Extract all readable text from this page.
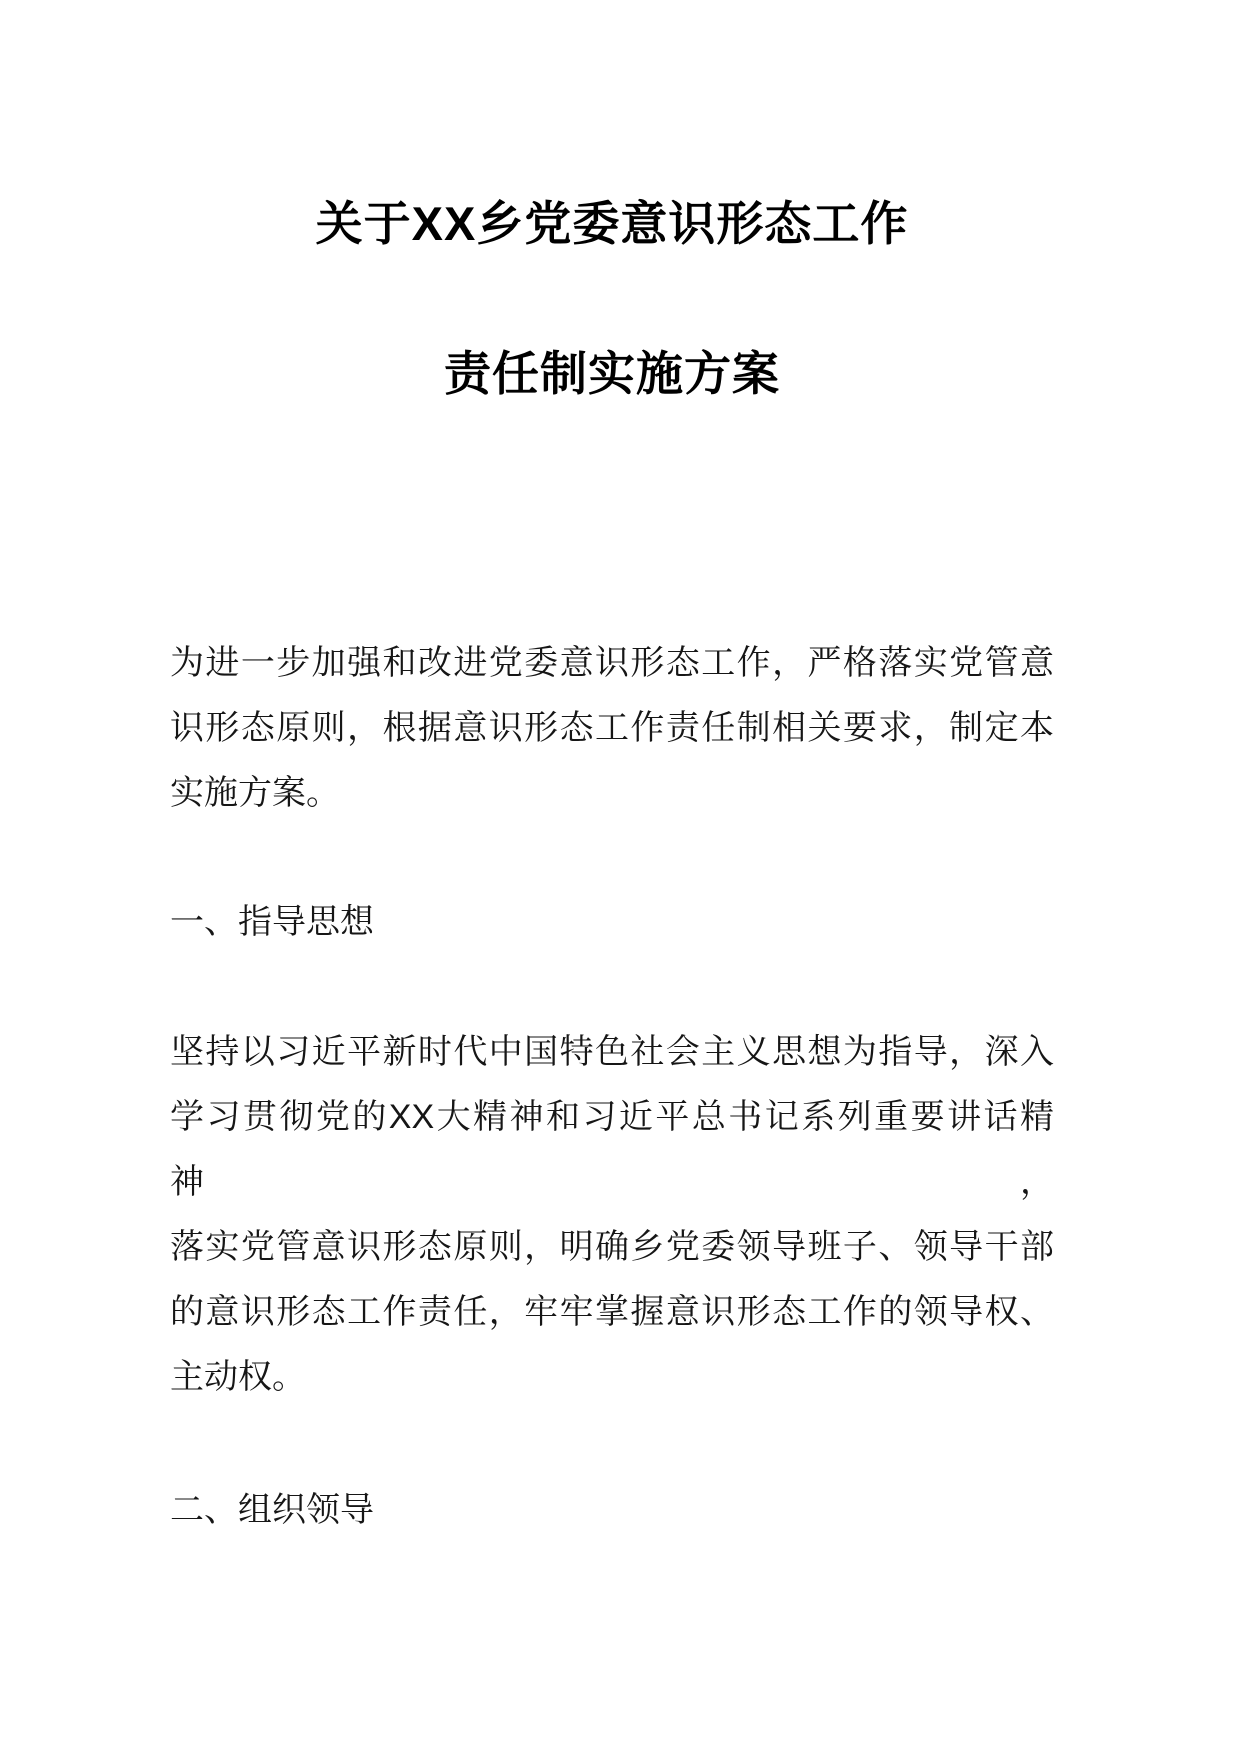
关于XX乡党委意识形态工作
责任制实施方案
为进一步加强和改进党委意识形态工作，严格落实党管意
识形态原则，根据意识形态工作责任制相关要求，制定本
实施方案。
一、指导思想
坚持以习近平新时代中国特色社会主义思想为指导，深入
学习贯彻党的XX大精神和习近平总书记系列重要讲话精神，
落实党管意识形态原则，明确乡党委领导班子、领导干部
的意识形态工作责任，牢牢掌握意识形态工作的领导权、
主动权。
二、组织领导
